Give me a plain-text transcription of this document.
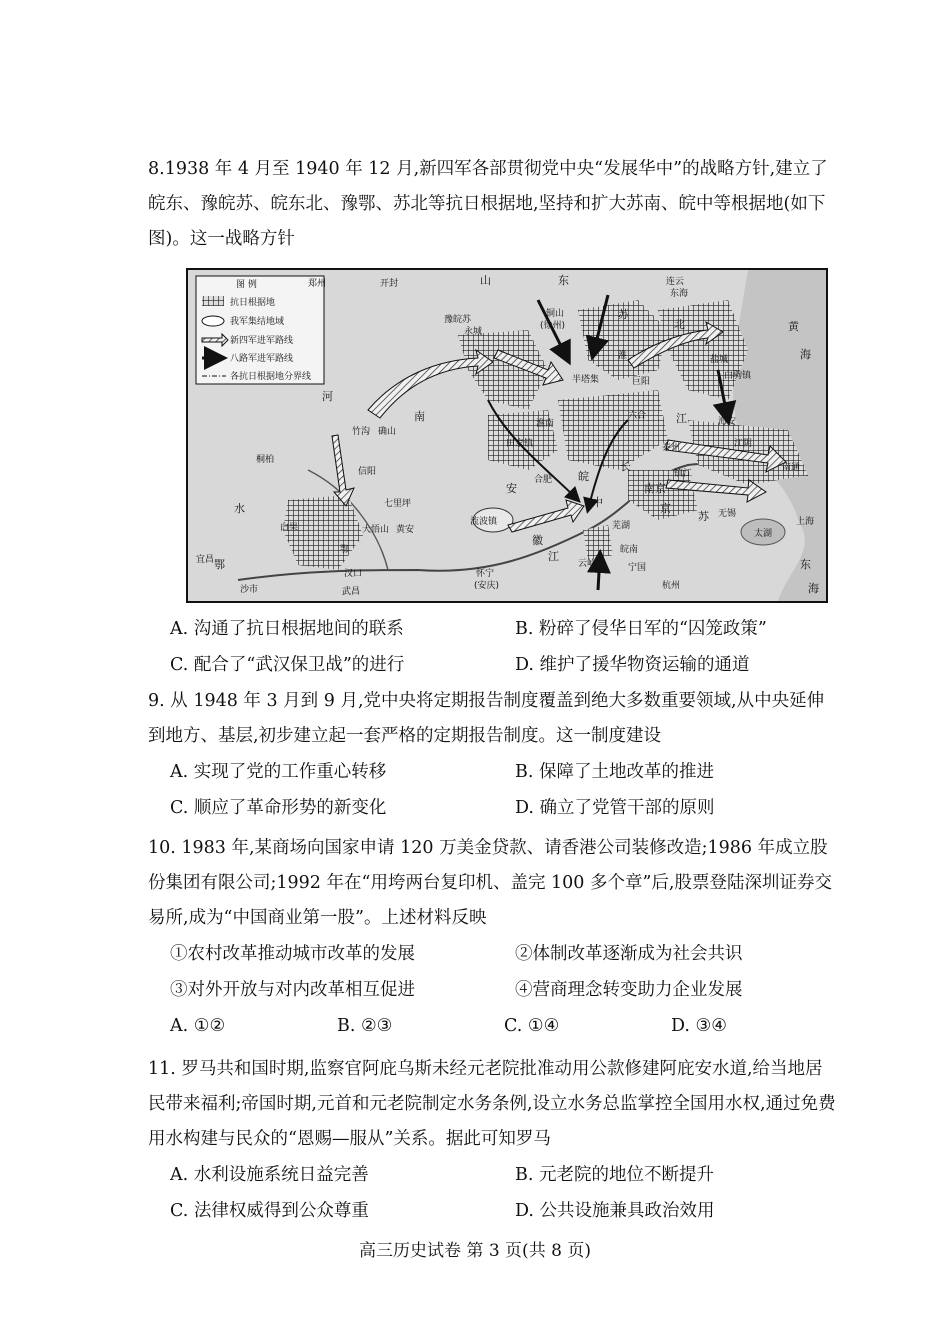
8.1938 年 4 月至 1940 年 12 月,新四军各部贯彻党中央“发展华中”的战略方针,建立了皖东、豫皖苏、皖东北、豫鄂、苏北等抗日根据地,坚持和扩大苏南、皖中等根据地(如下图)。这一战略方针
图 例
抗日根据地
我军集结地域
新四军进军路线
八路军进军路线
各抗日根据地分界线
郑州	开封	山	东	连云
东海
黄
海
豫皖苏
永城
铜山
(徐州)
苏
北
淮	盐城
白驹镇
半塔集	巨阳
河
南
竹沟 确山
桐柏
信阳
田家镇
淮南
六合
南京
镇江
泰州
海安
南通
江阴
无锡
太湖
上海
合肥
安
皖
中
长
江
苏
芜湖
七里坪
黄安
白果	大悟山
鄂
流波镇
京
云岭
皖南
宁国
汉口
武昌
宜昌
沙市
水
怀宁
(安庆)	杭州
东
海
江
徽
鄂
A. 沟通了抗日根据地间的联系	B. 粉碎了侵华日军的“囚笼政策”
C. 配合了“武汉保卫战”的进行	D. 维护了援华物资运输的通道
9. 从 1948 年 3 月到 9 月,党中央将定期报告制度覆盖到绝大多数重要领域,从中央延伸到地方、基层,初步建立起一套严格的定期报告制度。这一制度建设
A. 实现了党的工作重心转移	B. 保障了土地改革的推进
C. 顺应了革命形势的新变化	D. 确立了党管干部的原则
10. 1983 年,某商场向国家申请 120 万美金贷款、请香港公司装修改造;1986 年成立股份集团有限公司;1992 年在“用垮两台复印机、盖完 100 多个章”后,股票登陆深圳证券交易所,成为“中国商业第一股”。上述材料反映
①农村改革推动城市改革的发展	②体制改革逐渐成为社会共识
③对外开放与对内改革相互促进	④营商理念转变助力企业发展
A. ①②	B. ②③	C. ①④	D. ③④
11. 罗马共和国时期,监察官阿庇乌斯未经元老院批准动用公款修建阿庇安水道,给当地居民带来福利;帝国时期,元首和元老院制定水务条例,设立水务总监掌控全国用水权,通过免费用水构建与民众的“恩赐—服从”关系。据此可知罗马
A. 水利设施系统日益完善	B. 元老院的地位不断提升
C. 法律权威得到公众尊重	D. 公共设施兼具政治效用
高三历史试卷 第 3 页(共 8 页)
